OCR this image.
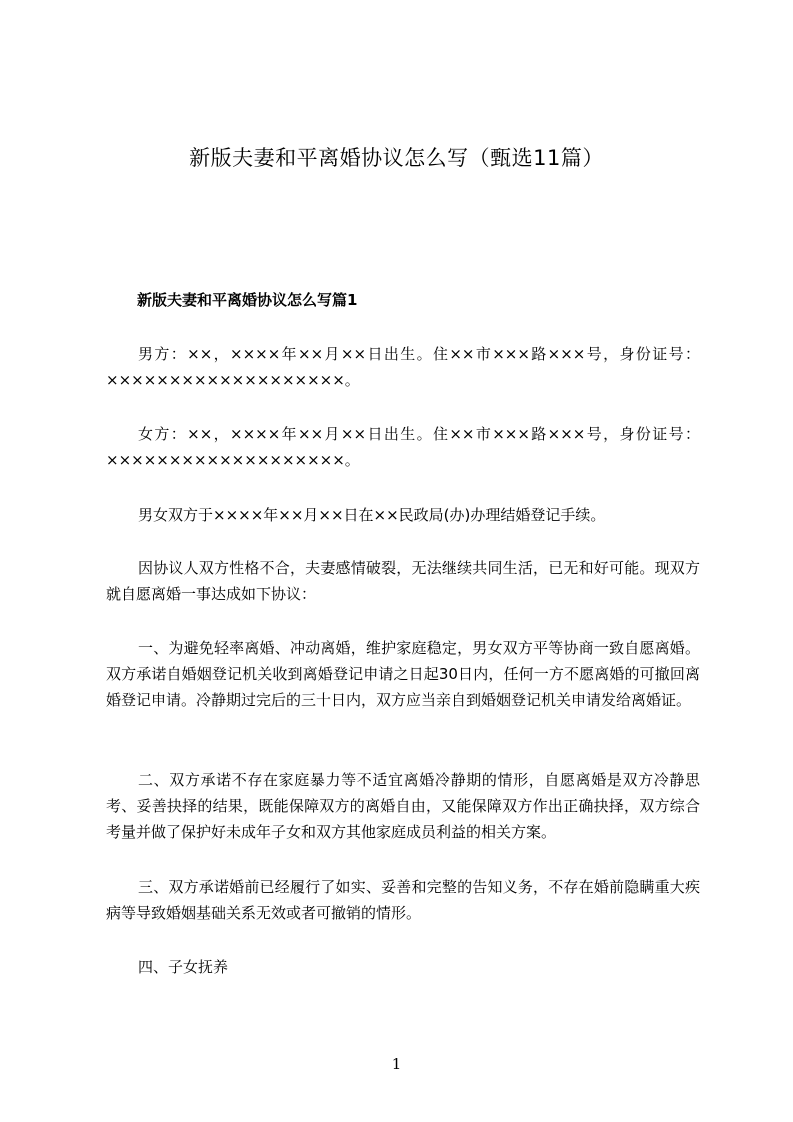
新版夫妻和平离婚协议怎么写（甄选11篇）
新版夫妻和平离婚协议怎么写篇1
男方：××，××××年××月××日出生。住××市×××路×××号，身份证号：×××××××××××××××××××。
女方：××，××××年××月××日出生。住××市×××路×××号，身份证号：×××××××××××××××××××。
男女双方于××××年××月××日在××民政局(办)办理结婚登记手续。
因协议人双方性格不合，夫妻感情破裂，无法继续共同生活，已无和好可能。现双方就自愿离婚一事达成如下协议：
一、为避免轻率离婚、冲动离婚，维护家庭稳定，男女双方平等协商一致自愿离婚。双方承诺自婚姻登记机关收到离婚登记申请之日起30日内，任何一方不愿离婚的可撤回离婚登记申请。冷静期过完后的三十日内，双方应当亲自到婚姻登记机关申请发给离婚证。
二、双方承诺不存在家庭暴力等不适宜离婚冷静期的情形，自愿离婚是双方冷静思考、妥善抉择的结果，既能保障双方的离婚自由，又能保障双方作出正确抉择，双方综合考量并做了保护好未成年子女和双方其他家庭成员利益的相关方案。
三、双方承诺婚前已经履行了如实、妥善和完整的告知义务，不存在婚前隐瞒重大疾病等导致婚姻基础关系无效或者可撤销的情形。
四、子女抚养
1
